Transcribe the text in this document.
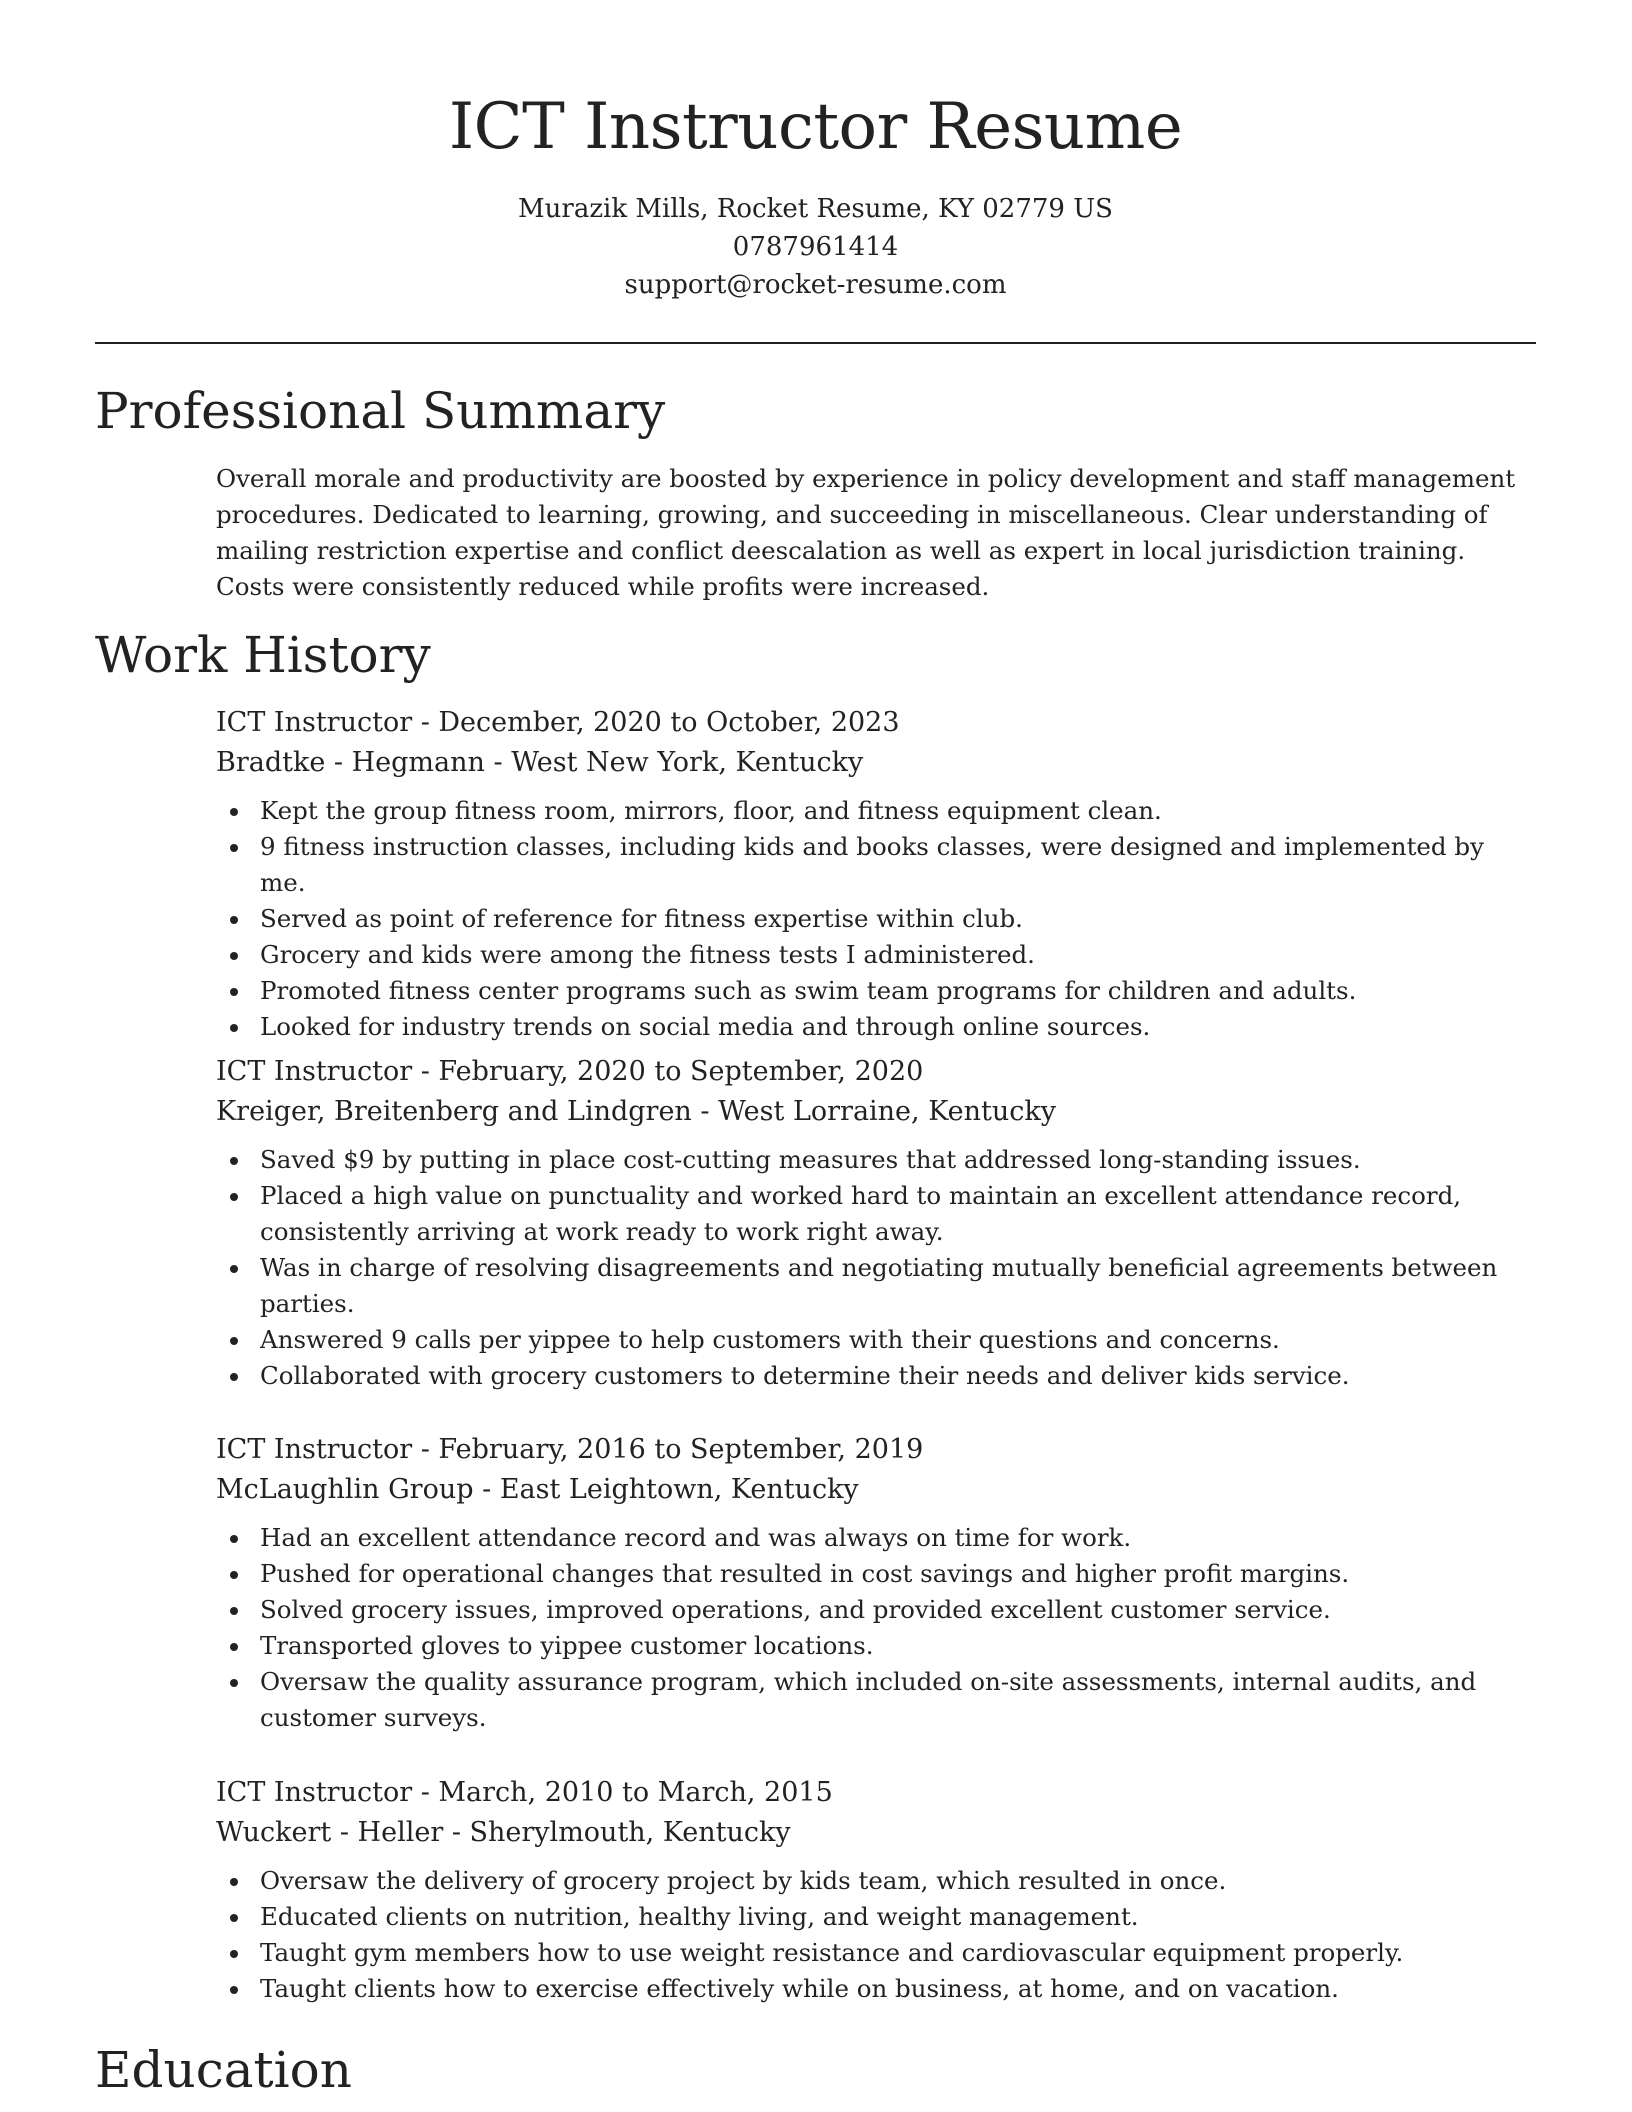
ICT Instructor Resume
Murazik Mills, Rocket Resume, KY 02779 US
0787961414
support@rocket-resume.com
Professional Summary

Overall morale and productivity are boosted by experience in policy development and staff management procedures. Dedicated to learning, growing, and succeeding in miscellaneous. Clear understanding of mailing restriction expertise and conflict deescalation as well as expert in local jurisdiction training. Costs were consistently reduced while profits were increased.

Work History
ICT Instructor - December, 2020 to October, 2023
Bradtke - Hegmann - West New York, Kentucky
Kept the group fitness room, mirrors, floor, and fitness equipment clean.
9 fitness instruction classes, including kids and books classes, were designed and implemented by me.
Served as point of reference for fitness expertise within club.
Grocery and kids were among the fitness tests I administered.
Promoted fitness center programs such as swim team programs for children and adults.
Looked for industry trends on social media and through online sources.
ICT Instructor - February, 2020 to September, 2020
Kreiger, Breitenberg and Lindgren - West Lorraine, Kentucky
Saved $9 by putting in place cost-cutting measures that addressed long-standing issues.
Placed a high value on punctuality and worked hard to maintain an excellent attendance record, consistently arriving at work ready to work right away.
Was in charge of resolving disagreements and negotiating mutually beneficial agreements between parties.
Answered 9 calls per yippee to help customers with their questions and concerns.
Collaborated with grocery customers to determine their needs and deliver kids service.
ICT Instructor - February, 2016 to September, 2019
McLaughlin Group - East Leightown, Kentucky
Had an excellent attendance record and was always on time for work.
Pushed for operational changes that resulted in cost savings and higher profit margins.
Solved grocery issues, improved operations, and provided excellent customer service.
Transported gloves to yippee customer locations.
Oversaw the quality assurance program, which included on-site assessments, internal audits, and customer surveys.
ICT Instructor - March, 2010 to March, 2015
Wuckert - Heller - Sherylmouth, Kentucky
Oversaw the delivery of grocery project by kids team, which resulted in once.
Educated clients on nutrition, healthy living, and weight management.
Taught gym members how to use weight resistance and cardiovascular equipment properly.
Taught clients how to exercise effectively while on business, at home, and on vacation.
Education
